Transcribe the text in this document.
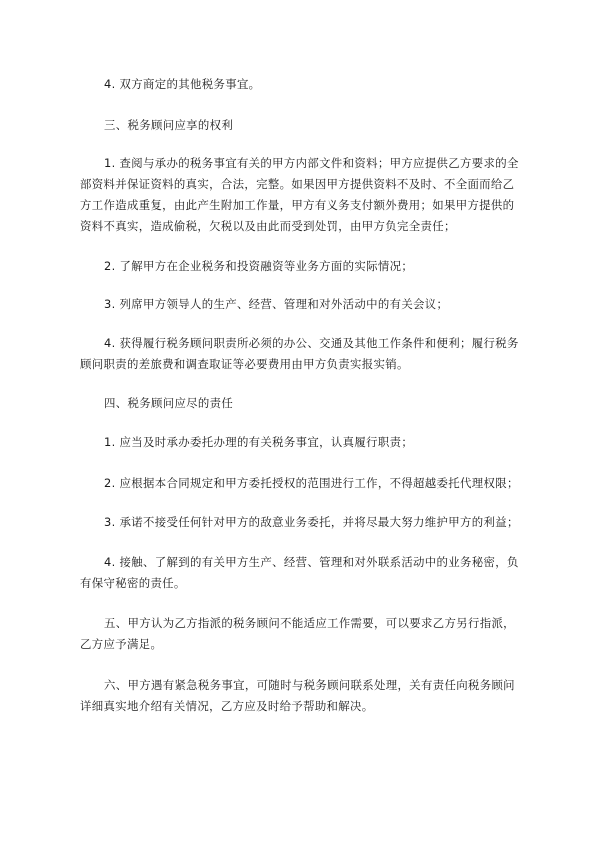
4. 双方商定的其他税务事宜。

三、税务顾问应享的权利

1. 查阅与承办的税务事宜有关的甲方内部文件和资料；甲方应提供乙方要求的全部资料并保证资料的真实，合法，完整。如果因甲方提供资料不及时、不全面而给乙方工作造成重复，由此产生附加工作量，甲方有义务支付额外费用；如果甲方提供的资料不真实，造成偷税，欠税以及由此而受到处罚，由甲方负完全责任；

2. 了解甲方在企业税务和投资融资等业务方面的实际情况；

3. 列席甲方领导人的生产、经营、管理和对外活动中的有关会议；

4. 获得履行税务顾问职责所必须的办公、交通及其他工作条件和便利；履行税务顾问职责的差旅费和调查取证等必要费用由甲方负责实报实销。

四、税务顾问应尽的责任

1. 应当及时承办委托办理的有关税务事宜，认真履行职责；

2. 应根据本合同规定和甲方委托授权的范围进行工作，不得超越委托代理权限；

3. 承诺不接受任何针对甲方的敌意业务委托，并将尽最大努力维护甲方的利益；

4. 接触、了解到的有关甲方生产、经营、管理和对外联系活动中的业务秘密，负有保守秘密的责任。

五、甲方认为乙方指派的税务顾问不能适应工作需要，可以要求乙方另行指派，乙方应予满足。

六、甲方遇有紧急税务事宜，可随时与税务顾问联系处理，关有责任向税务顾问详细真实地介绍有关情况，乙方应及时给予帮助和解决。
